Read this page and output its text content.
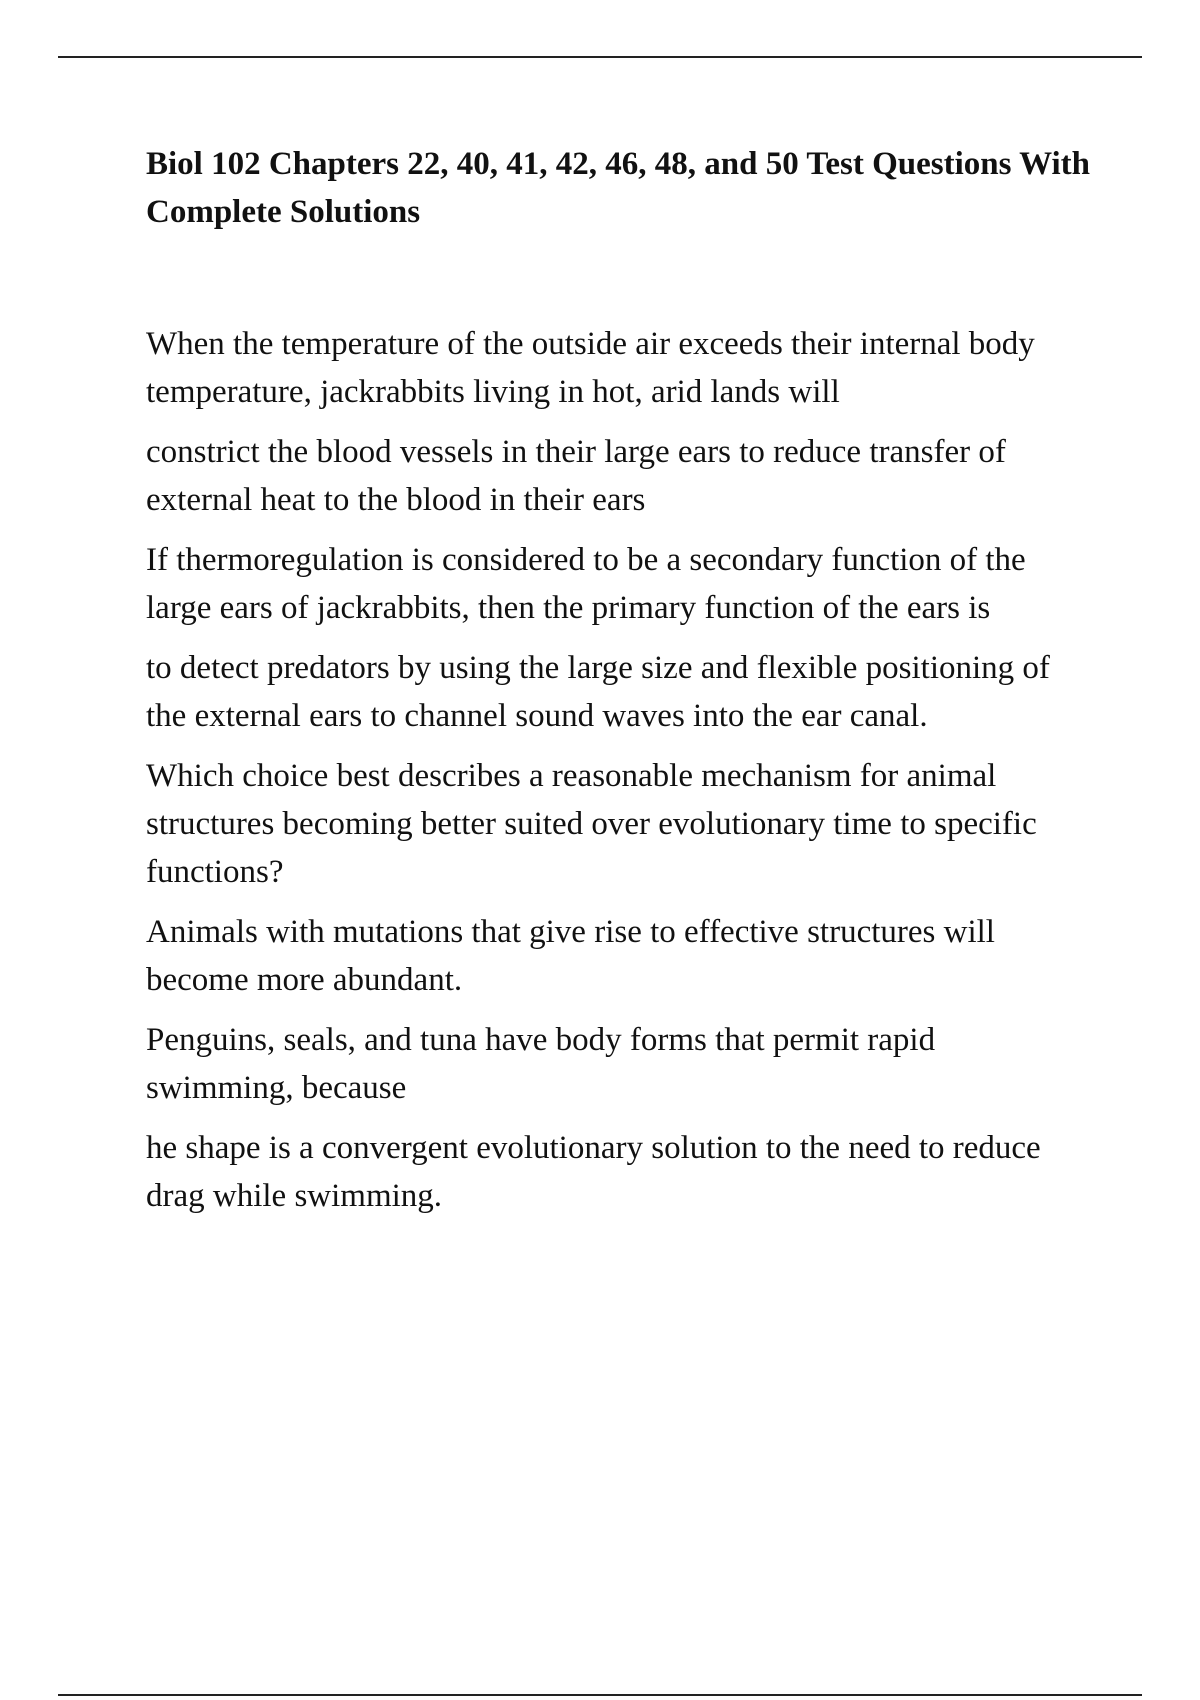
Biol 102 Chapters 22, 40, 41, 42, 46, 48, and 50 Test Questions With Complete Solutions

When the temperature of the outside air exceeds their internal body temperature, jackrabbits living in hot, arid lands will

constrict the blood vessels in their large ears to reduce transfer of external heat to the blood in their ears

If thermoregulation is considered to be a secondary function of the large ears of jackrabbits, then the primary function of the ears is

to detect predators by using the large size and flexible positioning of the external ears to channel sound waves into the ear canal.

Which choice best describes a reasonable mechanism for animal structures becoming better suited over evolutionary time to specific functions?

Animals with mutations that give rise to effective structures will become more abundant.

Penguins, seals, and tuna have body forms that permit rapid swimming, because

he shape is a convergent evolutionary solution to the need to reduce drag while swimming.
